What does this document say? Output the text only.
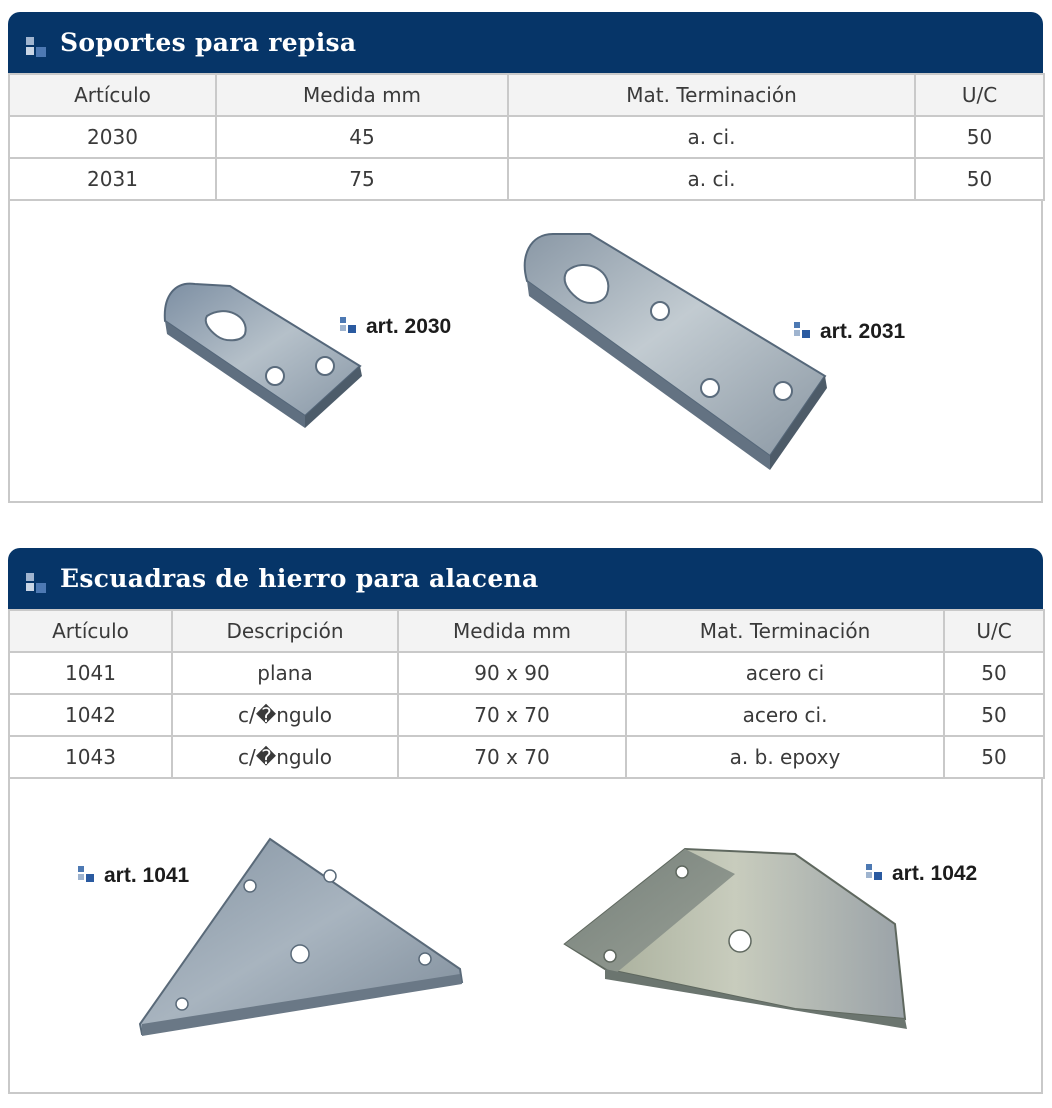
Soportes para repisa
Artículo	Medida mm	Mat. Terminación	U/C
2030	45	a. ci.	50
2031	75	a. ci.	50
art. 2030	art. 2031
Escuadras de hierro para alacena
Artículo	Descripción	Medida mm	Mat. Terminación	U/C
1041	plana	90 x 90	acero ci	50
1042	c/�ngulo	70 x 70	acero ci.	50
1043	c/�ngulo	70 x 70	a. b. epoxy	50
art. 1041	art. 1042
